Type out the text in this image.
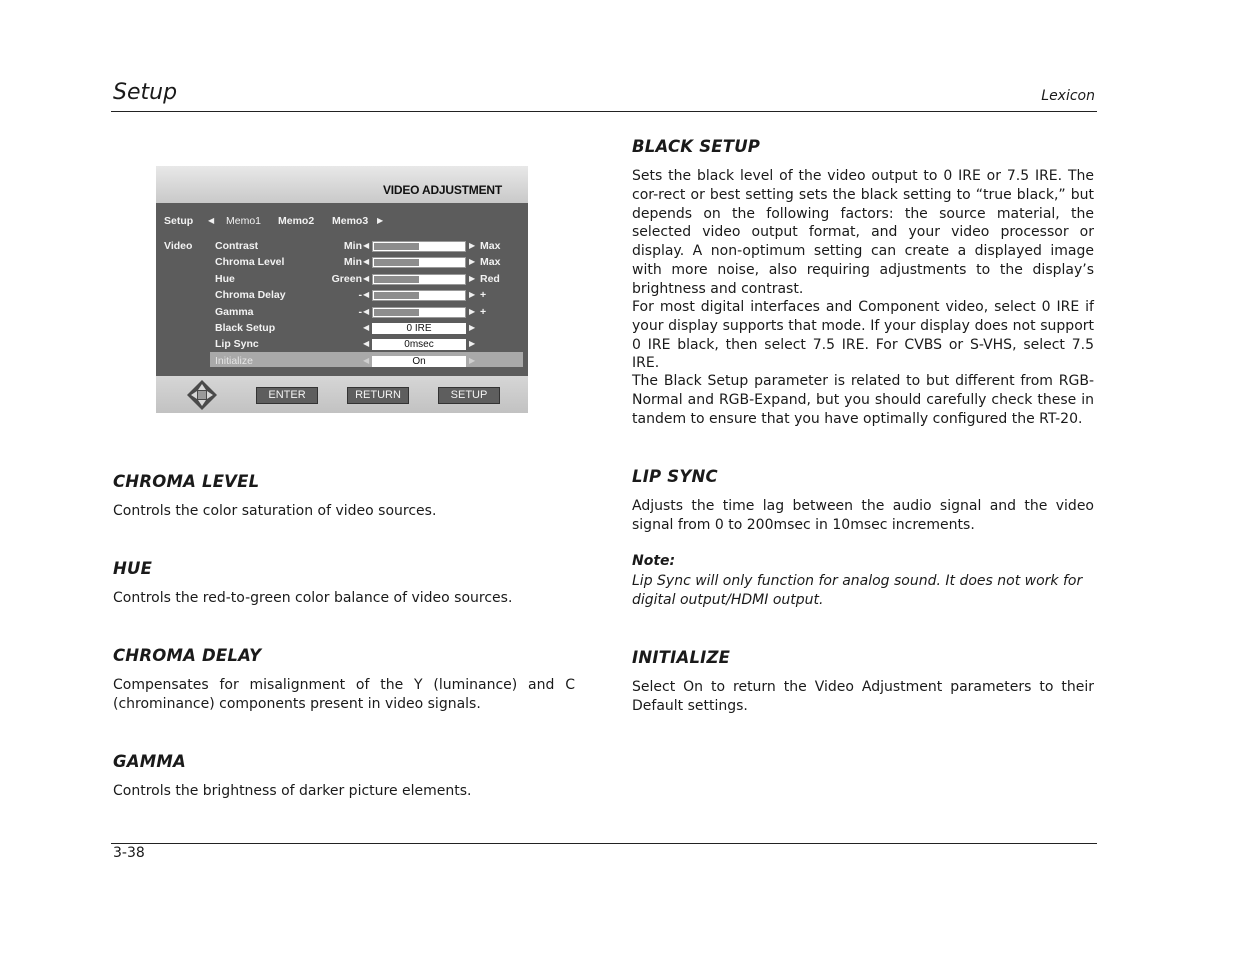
Setup	Lexicon
VIDEO ADJUSTMENT
Setup ◀ Memo1 Memo2 Memo3 ▶
Video Contrast	Min ◀	▶ Max
Chroma Level	Min ◀	▶ Max
Hue	Green ◀	▶ Red
Chroma Delay	- ◀	▶ +
Gamma	- ◀	▶ +
Black Setup	◀	0 IRE	▶
Lip Sync	◀	0msec	▶
Initialize	◀	On	▶
ENTER	RETURN	SETUP
CHROMA LEVEL
Controls the color saturation of video sources.
HUE
Controls the red-to-green color balance of video sources.
CHROMA DELAY
Compensates for misalignment of the Y (luminance) and C (chrominance) components present in video signals.
GAMMA
Controls the brightness of darker picture elements.
BLACK SETUP
Sets the black level of the video output to 0 IRE or 7.5 IRE. The cor-rect or best setting sets the black setting to “true black,” but depends on the following factors: the source material, the selected video output format, and your video processor or display. A non-optimum setting can create a displayed image with more noise, also requiring adjustments to the display’s brightness and contrast.
For most digital interfaces and Component video, select 0 IRE if your display supports that mode. If your display does not support 0 IRE black, then select 7.5 IRE. For CVBS or S-VHS, select 7.5 IRE.
The Black Setup parameter is related to but different from RGB-Normal and RGB-Expand, but you should carefully check these in tandem to ensure that you have optimally configured the RT-20.
LIP SYNC
Adjusts the time lag between the audio signal and the video signal from 0 to 200msec in 10msec increments.
Note:
Lip Sync will only function for analog sound. It does not work for digital output/HDMI output.
INITIALIZE
Select On to return the Video Adjustment parameters to their Default settings.
3-38
